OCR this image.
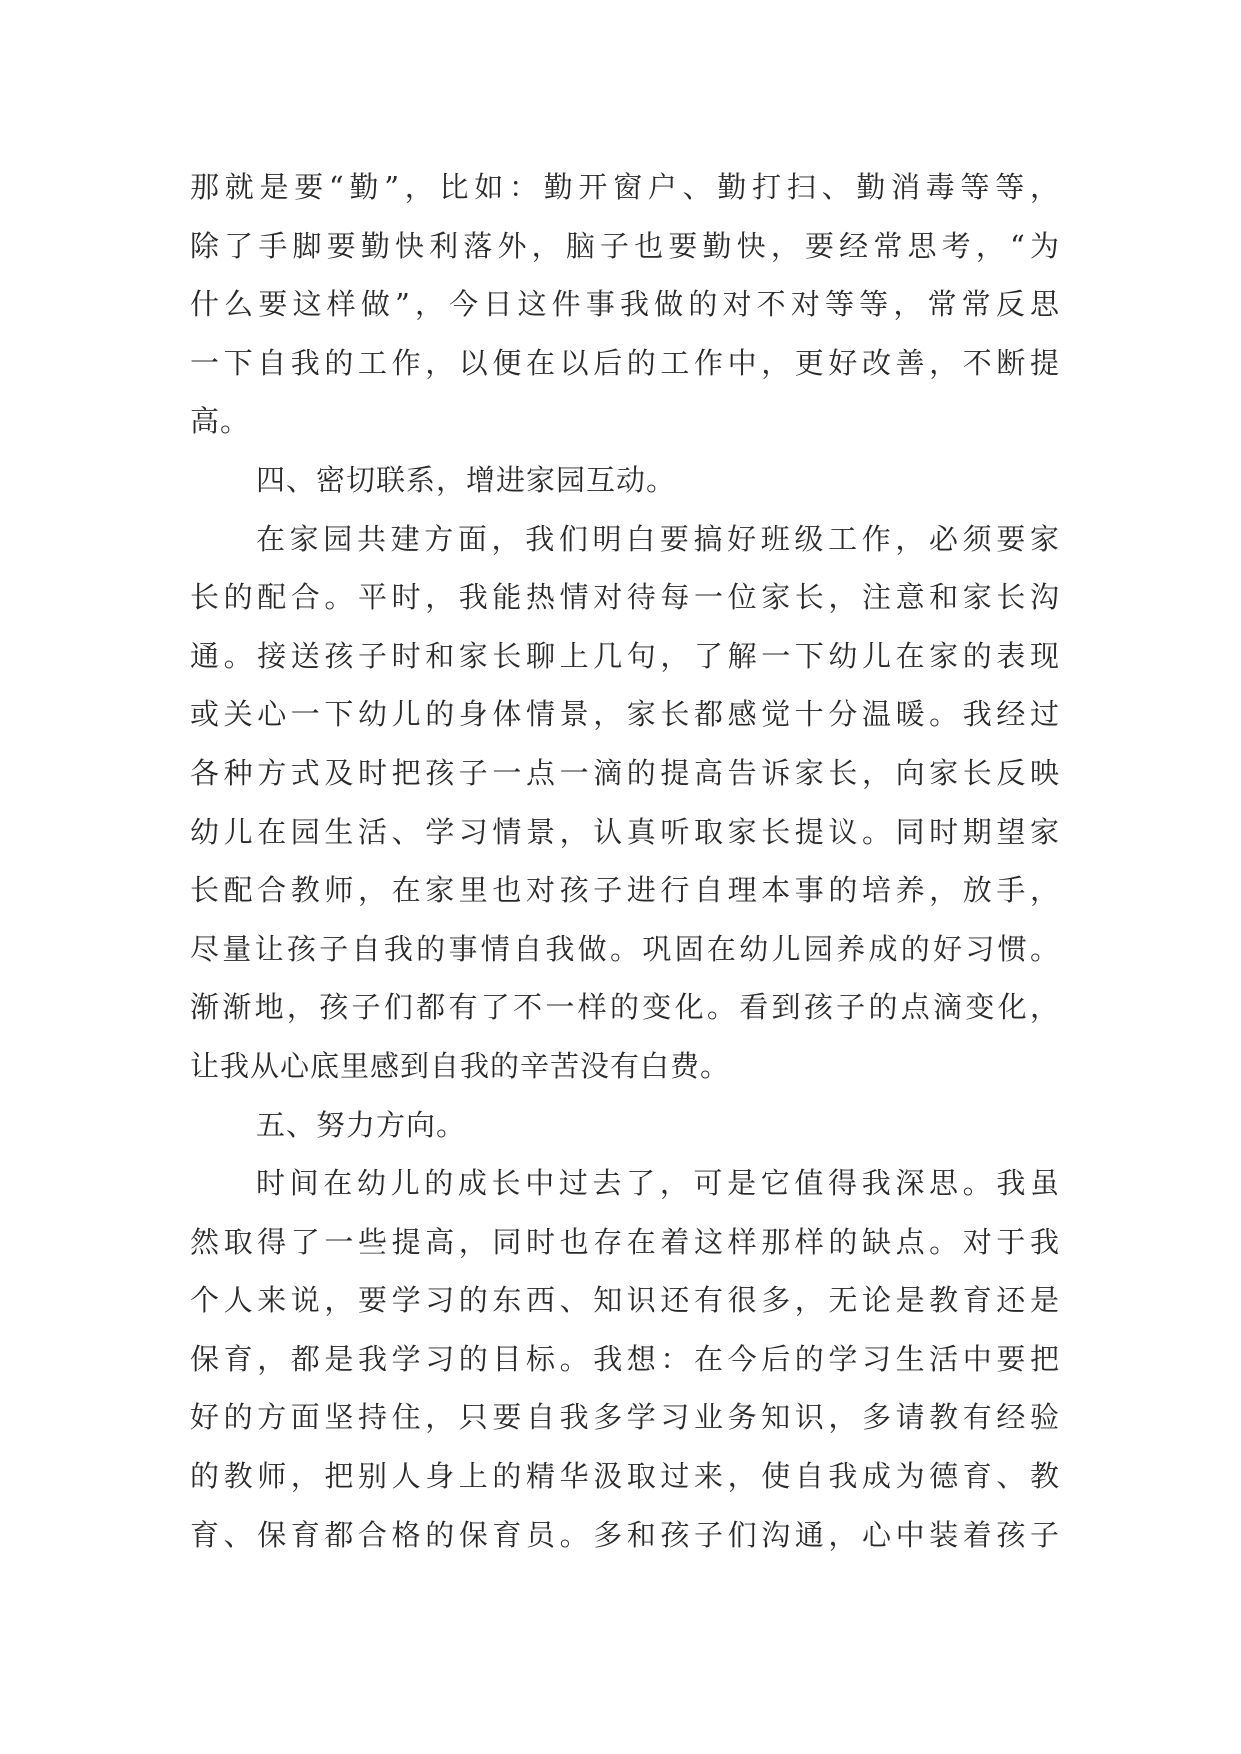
那就是要“勤”，比如：勤开窗户、勤打扫、勤消毒等等，
除了手脚要勤快利落外，脑子也要勤快，要经常思考，“为
什么要这样做”，今日这件事我做的对不对等等，常常反思
一下自我的工作，以便在以后的工作中，更好改善，不断提
高。
四、密切联系，增进家园互动。
在家园共建方面，我们明白要搞好班级工作，必须要家
长的配合。平时，我能热情对待每一位家长，注意和家长沟
通。接送孩子时和家长聊上几句，了解一下幼儿在家的表现
或关心一下幼儿的身体情景，家长都感觉十分温暖。我经过
各种方式及时把孩子一点一滴的提高告诉家长，向家长反映
幼儿在园生活、学习情景，认真听取家长提议。同时期望家
长配合教师，在家里也对孩子进行自理本事的培养，放手，
尽量让孩子自我的事情自我做。巩固在幼儿园养成的好习惯。
渐渐地，孩子们都有了不一样的变化。看到孩子的点滴变化，
让我从心底里感到自我的辛苦没有白费。
五、努力方向。
时间在幼儿的成长中过去了，可是它值得我深思。我虽
然取得了一些提高，同时也存在着这样那样的缺点。对于我
个人来说，要学习的东西、知识还有很多，无论是教育还是
保育，都是我学习的目标。我想：在今后的学习生活中要把
好的方面坚持住，只要自我多学习业务知识，多请教有经验
的教师，把别人身上的精华汲取过来，使自我成为德育、教
育、保育都合格的保育员。多和孩子们沟通，心中装着孩子
